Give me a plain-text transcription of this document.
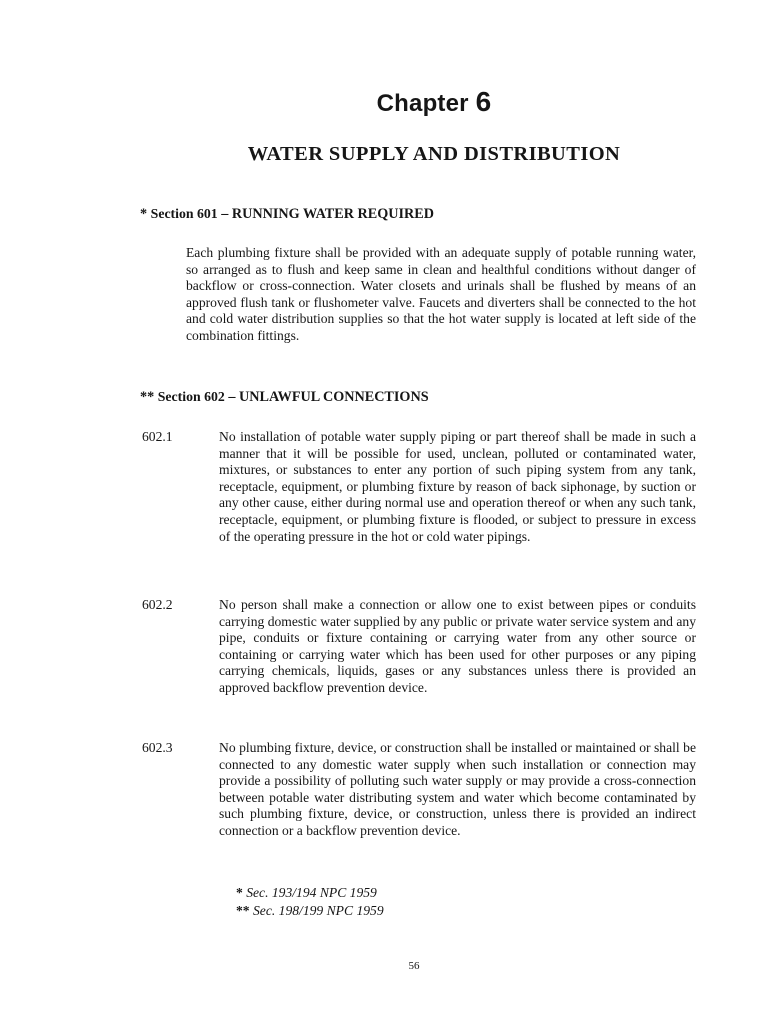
Chapter 6
WATER SUPPLY AND DISTRIBUTION
* Section 601 – RUNNING WATER REQUIRED
Each plumbing fixture shall be provided with an adequate supply of potable running water, so arranged as to flush and keep same in clean and healthful conditions without danger of backflow or cross-connection. Water closets and urinals shall be flushed by means of an approved flush tank or flushometer valve. Faucets and diverters shall be connected to the hot and cold water distribution supplies so that the hot water supply is located at left side of the combination fittings.
** Section 602 – UNLAWFUL CONNECTIONS
602.1	No installation of potable water supply piping or part thereof shall be made in such a manner that it will be possible for used, unclean, polluted or contaminated water, mixtures, or substances to enter any portion of such piping system from any tank, receptacle, equipment, or plumbing fixture by reason of back siphonage, by suction or any other cause, either during normal use and operation thereof or when any such tank, receptacle, equipment, or plumbing fixture is flooded, or subject to pressure in excess of the operating pressure in the hot or cold water pipings.
602.2	No person shall make a connection or allow one to exist between pipes or conduits carrying domestic water supplied by any public or private water service system and any pipe, conduits or fixture containing or carrying water from any other source or containing or carrying water which has been used for other purposes or any piping carrying chemicals, liquids, gases or any substances unless there is provided an approved backflow prevention device.
602.3	No plumbing fixture, device, or construction shall be installed or maintained or shall be connected to any domestic water supply when such installation or connection may provide a possibility of polluting such water supply or may provide a cross-connection between potable water distributing system and water which become contaminated by such plumbing fixture, device, or construction, unless there is provided an indirect connection or a backflow prevention device.
* Sec. 193/194 NPC 1959
** Sec. 198/199 NPC 1959
56
